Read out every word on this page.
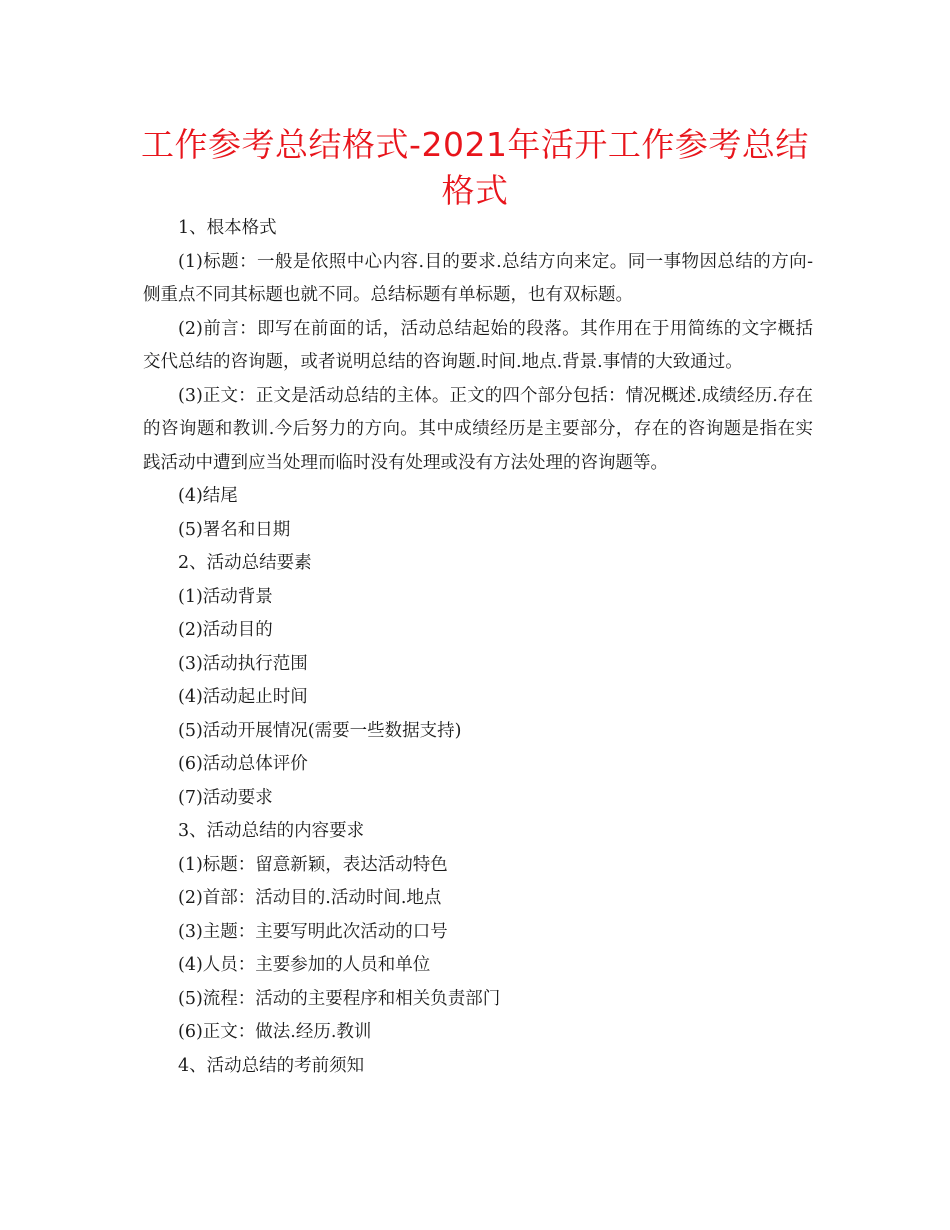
工作参考总结格式-2021年活开工作参考总结格式

1、根本格式

(1)标题：一般是依照中心内容.目的要求.总结方向来定。同一事物因总结的方向-侧重点不同其标题也就不同。总结标题有单标题，也有双标题。

(2)前言：即写在前面的话，活动总结起始的段落。其作用在于用简练的文字概括交代总结的咨询题，或者说明总结的咨询题.时间.地点.背景.事情的大致通过。

(3)正文：正文是活动总结的主体。正文的四个部分包括：情况概述.成绩经历.存在的咨询题和教训.今后努力的方向。其中成绩经历是主要部分，存在的咨询题是指在实践活动中遭到应当处理而临时没有处理或没有方法处理的咨询题等。

(4)结尾

(5)署名和日期

2、活动总结要素

(1)活动背景

(2)活动目的

(3)活动执行范围

(4)活动起止时间

(5)活动开展情况(需要一些数据支持)

(6)活动总体评价

(7)活动要求

3、活动总结的内容要求

(1)标题：留意新颖，表达活动特色

(2)首部：活动目的.活动时间.地点

(3)主题：主要写明此次活动的口号

(4)人员：主要参加的人员和单位

(5)流程：活动的主要程序和相关负责部门

(6)正文：做法.经历.教训

4、活动总结的考前须知
